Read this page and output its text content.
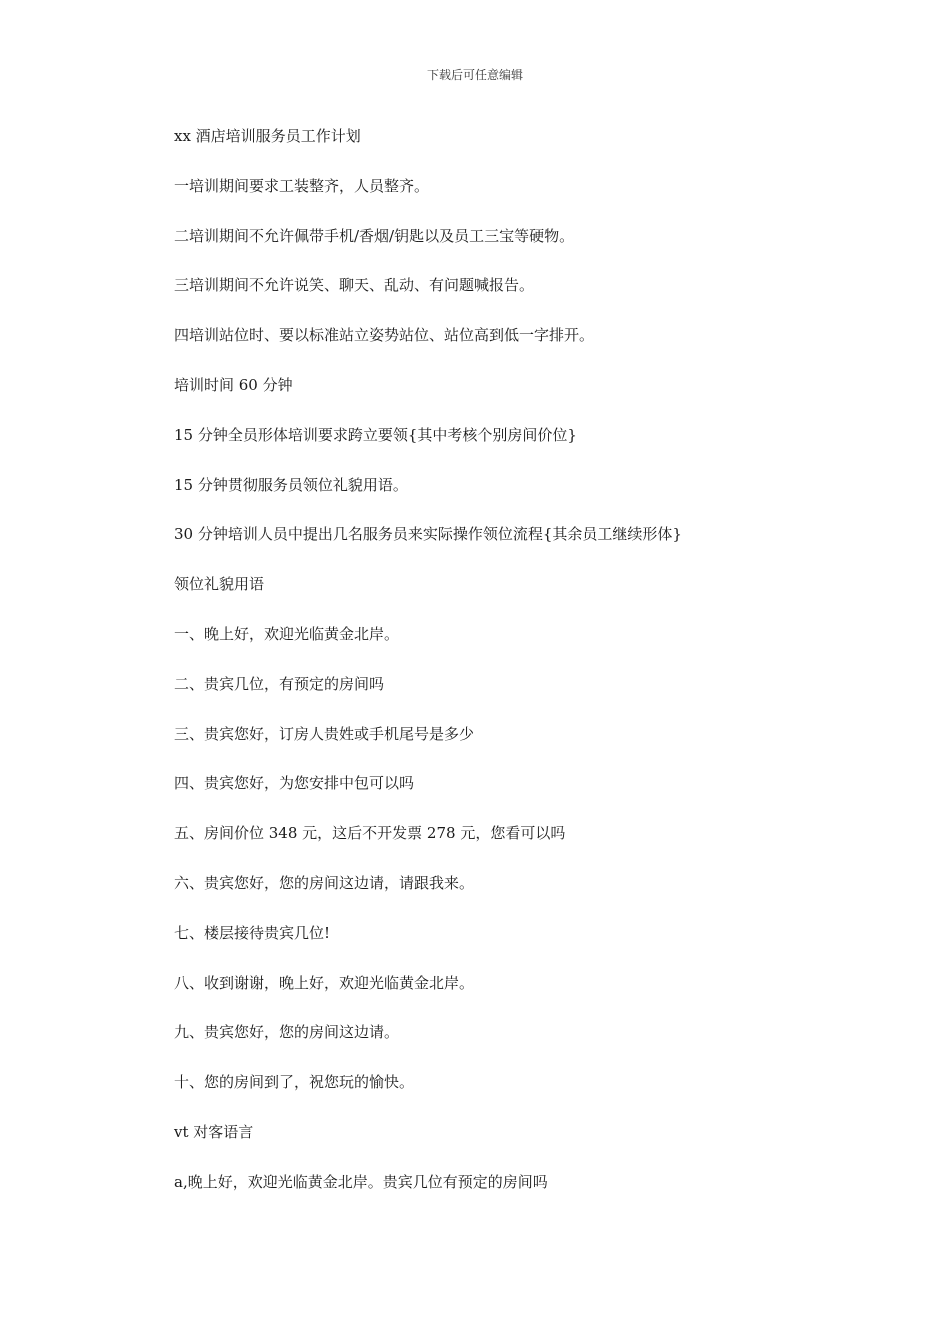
下载后可任意编辑
xx 酒店培训服务员工作计划
一培训期间要求工装整齐，人员整齐。
二培训期间不允许佩带手机/香烟/钥匙以及员工三宝等硬物。
三培训期间不允许说笑、聊天、乱动、有问题喊报告。
四培训站位时、要以标准站立姿势站位、站位高到低一字排开。
培训时间 60 分钟
15 分钟全员形体培训要求跨立要领{其中考核个别房间价位}
15 分钟贯彻服务员领位礼貌用语。
30 分钟培训人员中提出几名服务员来实际操作领位流程{其余员工继续形体}
领位礼貌用语
一、晚上好，欢迎光临黄金北岸。
二、贵宾几位，有预定的房间吗
三、贵宾您好，订房人贵姓或手机尾号是多少
四、贵宾您好，为您安排中包可以吗
五、房间价位 348 元，这后不开发票 278 元，您看可以吗
六、贵宾您好，您的房间这边请，请跟我来。
七、楼层接待贵宾几位!
八、收到谢谢，晚上好，欢迎光临黄金北岸。
九、贵宾您好，您的房间这边请。
十、您的房间到了，祝您玩的愉快。
vt 对客语言
a,晚上好，欢迎光临黄金北岸。贵宾几位有预定的房间吗
